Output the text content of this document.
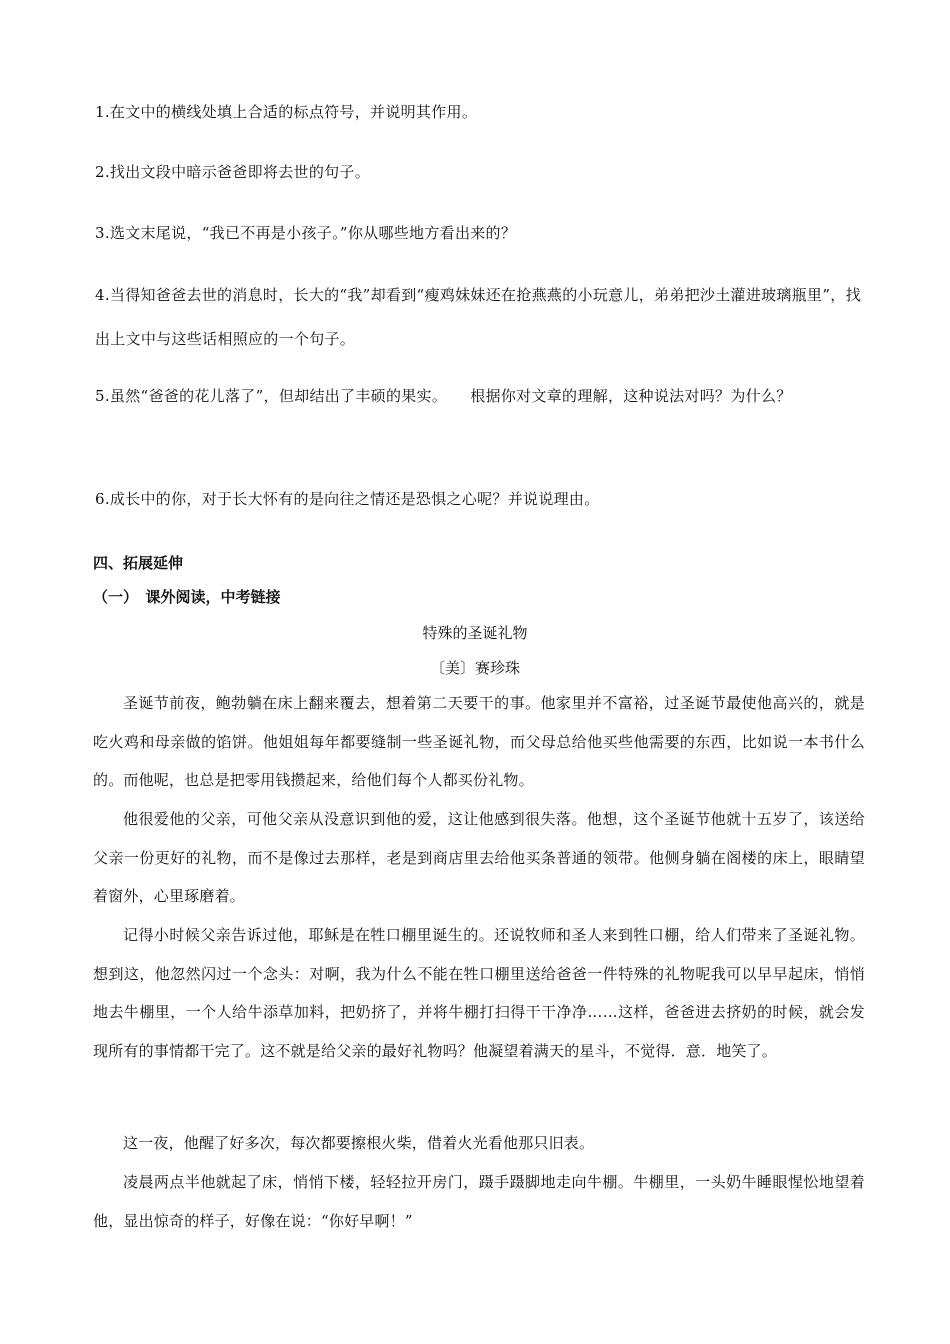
1.在文中的横线处填上合适的标点符号，并说明其作用。
2.找出文段中暗示爸爸即将去世的句子。
3.选文末尾说，“我已不再是小孩子。”你从哪些地方看出来的？
4.当得知爸爸去世的消息时，长大的“我”却看到“瘦鸡妹妹还在抢燕燕的小玩意儿，弟弟把沙土灌进玻璃瓶里”，找出上文中与这些话相照应的一个句子。
5.虽然“爸爸的花儿落了”，但却结出了丰硕的果实。　　根据你对文章的理解，这种说法对吗？为什么？
6.成长中的你，对于长大怀有的是向往之情还是恐惧之心呢？并说说理由。
四、拓展延伸
（一）　课外阅读，中考链接
特殊的圣诞礼物
〔美〕赛珍珠
圣诞节前夜，鲍勃躺在床上翻来覆去，想着第二天要干的事。他家里并不富裕，过圣诞节最使他高兴的，就是吃火鸡和母亲做的馅饼。他姐姐每年都要缝制一些圣诞礼物，而父母总给他买些他需要的东西，比如说一本书什么的。而他呢，也总是把零用钱攒起来，给他们每个人都买份礼物。
他很爱他的父亲，可他父亲从没意识到他的爱，这让他感到很失落。他想，这个圣诞节他就十五岁了，该送给父亲一份更好的礼物，而不是像过去那样，老是到商店里去给他买条普通的领带。他侧身躺在阁楼的床上，眼睛望着窗外，心里琢磨着。
记得小时候父亲告诉过他，耶稣是在牲口棚里诞生的。还说牧师和圣人来到牲口棚，给人们带来了圣诞礼物。想到这，他忽然闪过一个念头：对啊，我为什么不能在牲口棚里送给爸爸一件特殊的礼物呢我可以早早起床，悄悄地去牛棚里，一个人给牛添草加料，把奶挤了，并将牛棚打扫得干干净净……这样，爸爸进去挤奶的时候，就会发现所有的事情都干完了。这不就是给父亲的最好礼物吗？他凝望着满天的星斗，不觉得．意．地笑了。
这一夜，他醒了好多次，每次都要擦根火柴，借着火光看他那只旧表。
凌晨两点半他就起了床，悄悄下楼，轻轻拉开房门，蹑手蹑脚地走向牛棚。牛棚里，一头奶牛睡眼惺忪地望着他，显出惊奇的样子，好像在说：“你好早啊！”
